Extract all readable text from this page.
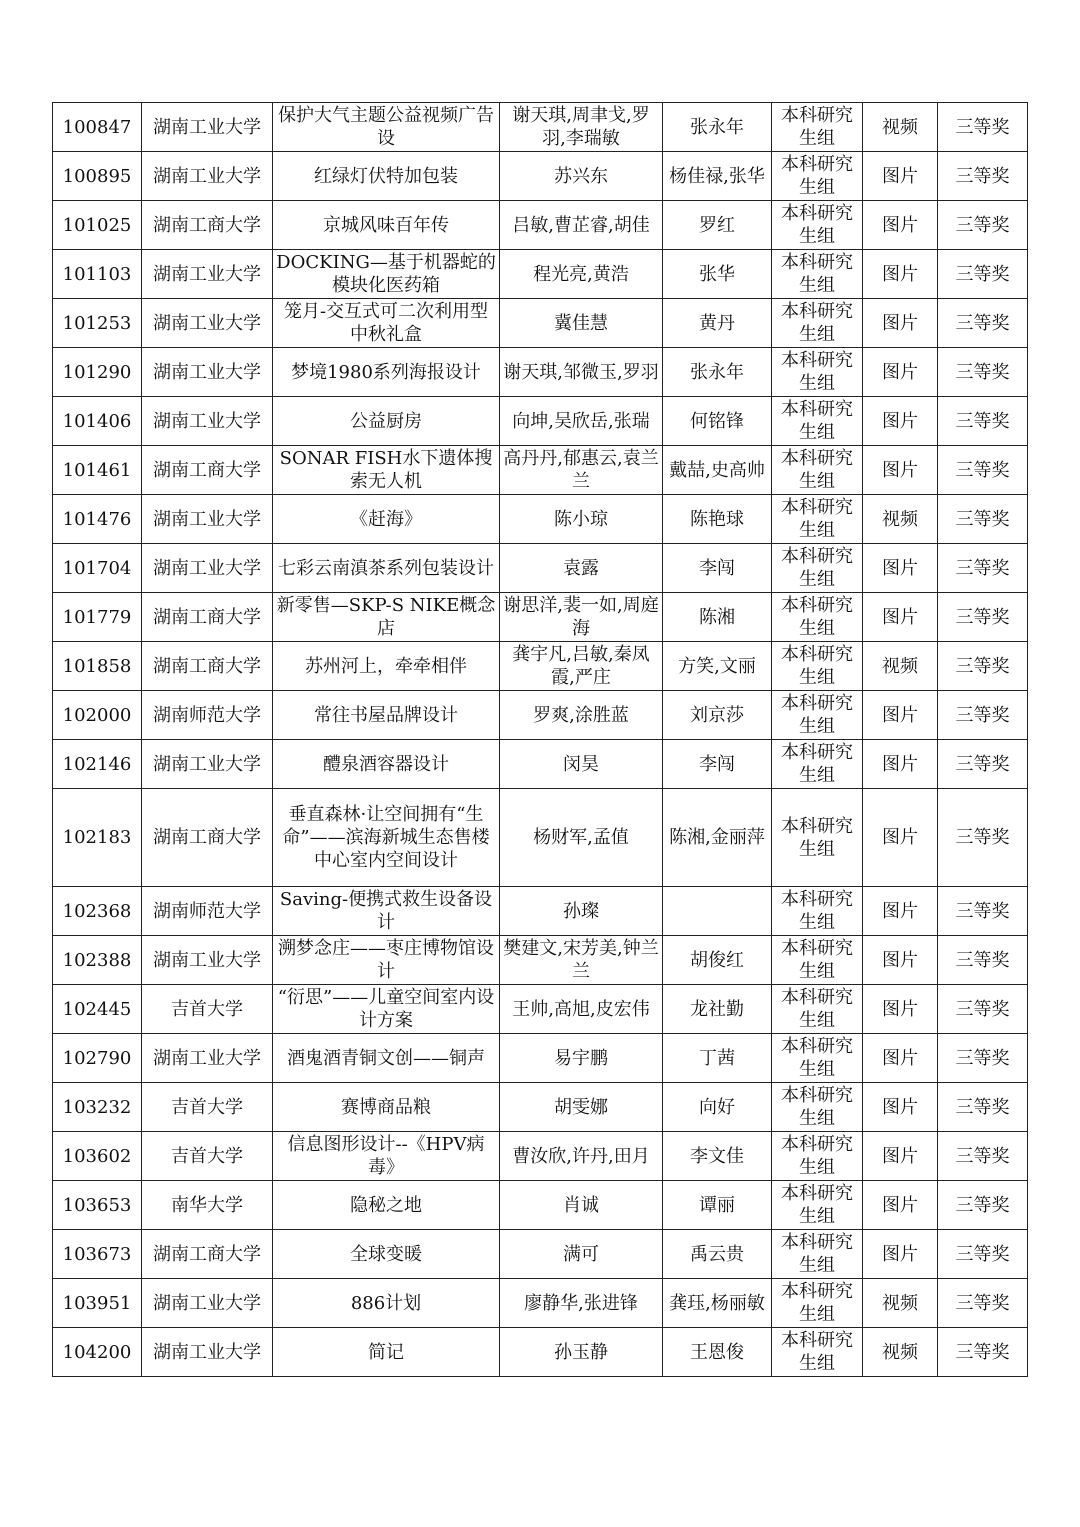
100847	湖南工业大学	保护大气主题公益视频广告设	谢天琪,周聿戈,罗羽,李瑞敏	张永年	本科研究生组	视频	三等奖
100895	湖南工业大学	红绿灯伏特加包装	苏兴东	杨佳禄,张华	本科研究生组	图片	三等奖
101025	湖南工商大学	京城风味百年传	吕敏,曹芷睿,胡佳	罗红	本科研究生组	图片	三等奖
101103	湖南工业大学	DOCKING—基于机器蛇的模块化医药箱	程光亮,黄浩	张华	本科研究生组	图片	三等奖
101253	湖南工业大学	笼月-交互式可二次利用型中秋礼盒	冀佳慧	黄丹	本科研究生组	图片	三等奖
101290	湖南工业大学	梦境1980系列海报设计	谢天琪,邹微玉,罗羽	张永年	本科研究生组	图片	三等奖
101406	湖南工业大学	公益厨房	向坤,吴欣岳,张瑞	何铭锋	本科研究生组	图片	三等奖
101461	湖南工商大学	SONAR FISH水下遗体搜索无人机	高丹丹,郁惠云,袁兰兰	戴喆,史高帅	本科研究生组	图片	三等奖
101476	湖南工业大学	《赶海》	陈小琼	陈艳球	本科研究生组	视频	三等奖
101704	湖南工业大学	七彩云南滇茶系列包装设计	袁露	李闯	本科研究生组	图片	三等奖
101779	湖南工商大学	新零售—SKP-S NIKE概念店	谢思洋,裴一如,周庭海	陈湘	本科研究生组	图片	三等奖
101858	湖南工商大学	苏州河上，牵牵相伴	龚宇凡,吕敏,秦凤霞,严庄	方笑,文丽	本科研究生组	视频	三等奖
102000	湖南师范大学	常往书屋品牌设计	罗爽,涂胜蓝	刘京莎	本科研究生组	图片	三等奖
102146	湖南工业大学	醴泉酒容器设计	闵昊	李闯	本科研究生组	图片	三等奖
102183	湖南工商大学	垂直森林·让空间拥有“生命”——滨海新城生态售楼中心室内空间设计	杨财军,孟值	陈湘,金丽萍	本科研究生组	图片	三等奖
102368	湖南师范大学	Saving-便携式救生设备设计	孙璨		本科研究生组	图片	三等奖
102388	湖南工业大学	溯梦念庄——枣庄博物馆设计	樊建文,宋芳美,钟兰兰	胡俊红	本科研究生组	图片	三等奖
102445	吉首大学	“衍思”——儿童空间室内设计方案	王帅,高旭,皮宏伟	龙社勤	本科研究生组	图片	三等奖
102790	湖南工业大学	酒鬼酒青铜文创——铜声	易宇鹏	丁茜	本科研究生组	图片	三等奖
103232	吉首大学	赛博商品粮	胡雯娜	向好	本科研究生组	图片	三等奖
103602	吉首大学	信息图形设计--《HPV病毒》	曹汝欣,许丹,田月	李文佳	本科研究生组	图片	三等奖
103653	南华大学	隐秘之地	肖诚	谭丽	本科研究生组	图片	三等奖
103673	湖南工商大学	全球变暖	满可	禹云贵	本科研究生组	图片	三等奖
103951	湖南工业大学	886计划	廖静华,张进锋	龚珏,杨丽敏	本科研究生组	视频	三等奖
104200	湖南工业大学	简记	孙玉静	王恩俊	本科研究生组	视频	三等奖
